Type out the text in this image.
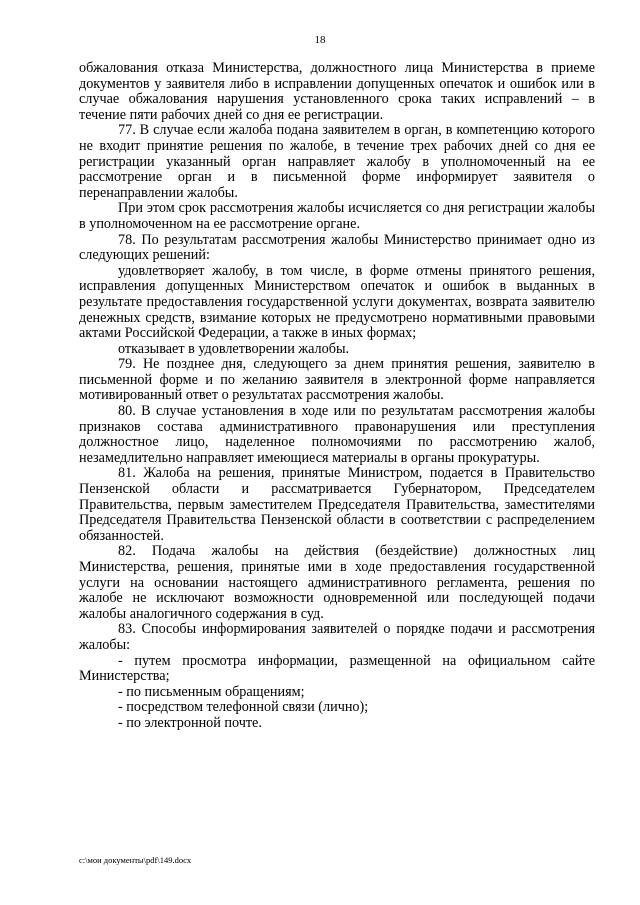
18

обжалования отказа Министерства, должностного лица Министерства в приеме документов у заявителя либо в исправлении допущенных опечаток и ошибок или в случае обжалования нарушения установленного срока таких исправлений – в течение пяти рабочих дней со дня ее регистрации.

77. В случае если жалоба подана заявителем в орган, в компетенцию которого не входит принятие решения по жалобе, в течение трех рабочих дней со дня ее регистрации указанный орган направляет жалобу в уполномоченный на ее рассмотрение орган и в письменной форме информирует заявителя о перенаправлении жалобы.

При этом срок рассмотрения жалобы исчисляется со дня регистрации жалобы в уполномоченном на ее рассмотрение органе.

78. По результатам рассмотрения жалобы Министерство принимает одно из следующих решений:

удовлетворяет жалобу, в том числе, в форме отмены принятого решения, исправления допущенных Министерством опечаток и ошибок в выданных в результате предоставления государственной услуги документах, возврата заявителю денежных средств, взимание которых не предусмотрено нормативными правовыми актами Российской Федерации, а также в иных формах;

отказывает в удовлетворении жалобы.

79. Не позднее дня, следующего за днем принятия решения, заявителю в письменной форме и по желанию заявителя в электронной форме направляется мотивированный ответ о результатах рассмотрения жалобы.

80. В случае установления в ходе или по результатам рассмотрения жалобы признаков состава административного правонарушения или преступления должностное лицо, наделенное полномочиями по рассмотрению жалоб, незамедлительно направляет имеющиеся материалы в органы прокуратуры.

81. Жалоба на решения, принятые Министром, подается в Правительство Пензенской области и рассматривается Губернатором, Председателем Правительства, первым заместителем Председателя Правительства, заместителями Председателя Правительства Пензенской области в соответствии с распределением обязанностей.

82. Подача жалобы на действия (бездействие) должностных лиц Министерства, решения, принятые ими в ходе предоставления государственной услуги на основании настоящего административного регламента, решения по жалобе не исключают возможности одновременной или последующей подачи жалобы аналогичного содержания в суд.

83. Способы информирования заявителей о порядке подачи и рассмотрения жалобы:

- путем просмотра информации, размещенной на официальном сайте Министерства;

- по письменным обращениям;

- посредством телефонной связи (лично);

- по электронной почте.

c:\мои документы\pdf\149.docx
